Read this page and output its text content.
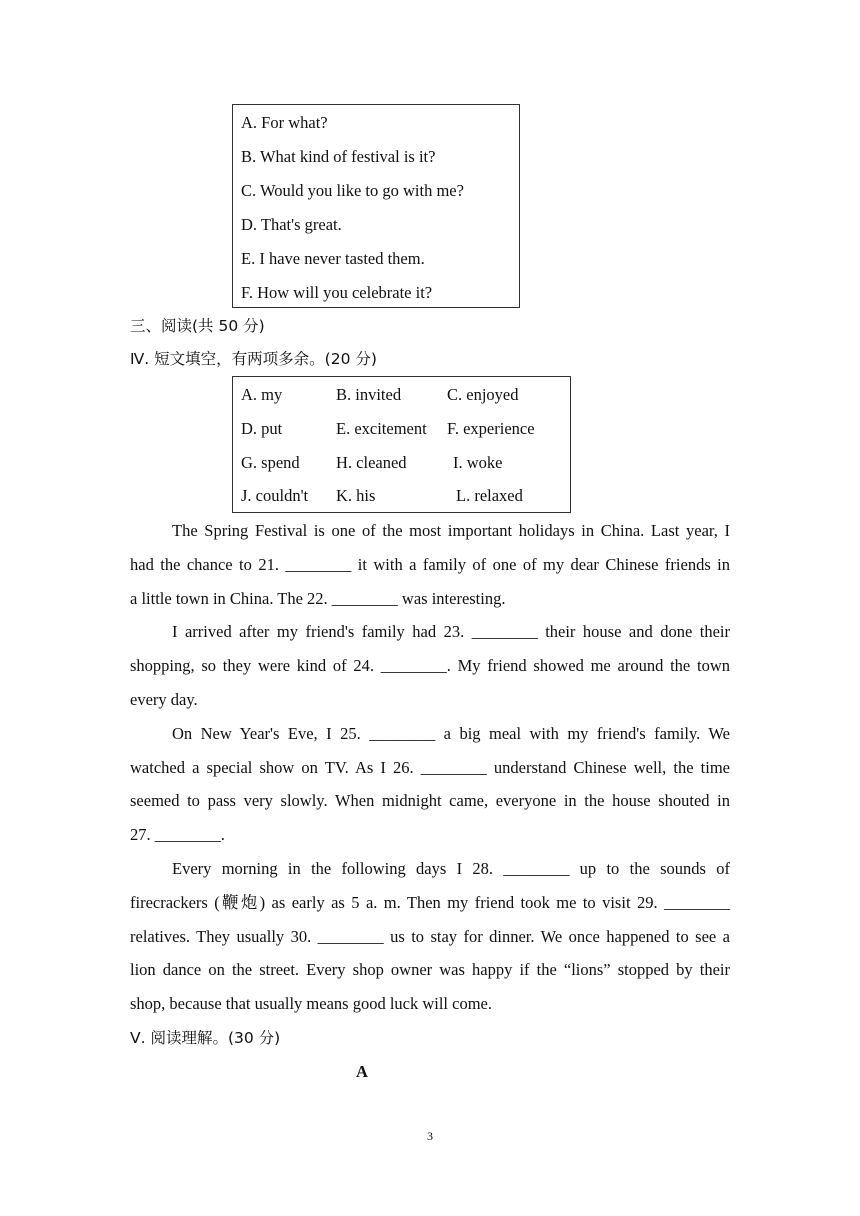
A. For what?
B. What kind of festival is it?
C. Would you like to go with me?
D. That's great.
E. I have never tasted them.
F. How will you celebrate it?
三、阅读(共 50 分)
Ⅳ. 短文填空，有两项多余。(20 分)
A. my	B. invited	C. enjoyed
D. put	E. excitement F. experience
G. spend H. cleaned	I. woke
J. couldn't K. his	L. relaxed
The Spring Festival is one of the most important holidays in China. Last year, I
had the chance to 21. ________ it with a family of one of my dear Chinese friends in
a little town in China. The 22. ________ was interesting.
I arrived after my friend's family had 23. ________ their house and done their
shopping, so they were kind of 24. ________. My friend showed me around the town
every day.
On New Year's Eve, I 25. ________ a big meal with my friend's family. We
watched a special show on TV. As I 26. ________ understand Chinese well, the time
seemed to pass very slowly. When midnight came, everyone in the house shouted in
27. ________.
Every morning in the following days I 28. ________ up to the sounds of
firecrackers (鞭炮) as early as 5 a. m. Then my friend took me to visit 29. ________
relatives. They usually 30. ________ us to stay for dinner. We once happened to see a
lion dance on the street. Every shop owner was happy if the “lions” stopped by their
shop, because that usually means good luck will come.
Ⅴ. 阅读理解。(30 分)
A
3
